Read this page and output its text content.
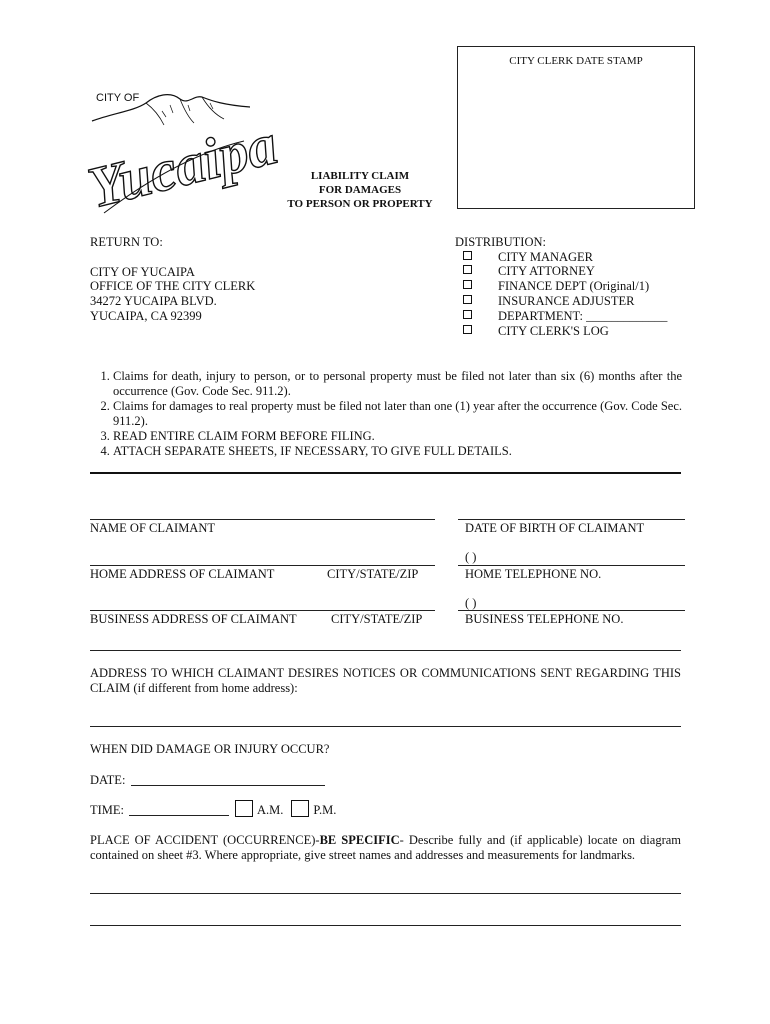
CITY CLERK DATE STAMP
CITY OF
Yucaipa	LIABILITY CLAIM
FOR DAMAGES
TO PERSON OR PROPERTY
RETURN TO:
CITY OF YUCAIPA
OFFICE OF THE CITY CLERK
34272 YUCAIPA BLVD.
YUCAIPA, CA 92399
DISTRIBUTION:
CITY MANAGER
CITY ATTORNEY
FINANCE DEPT (Original/1)
INSURANCE ADJUSTER
DEPARTMENT: _____________
CITY CLERK'S LOG
1. Claims for death, injury to person, or to personal property must be filed not later than six (6) months after the occurrence (Gov. Code Sec. 911.2).
2. Claims for damages to real property must be filed not later than one (1) year after the occurrence (Gov. Code Sec. 911.2).
3. READ ENTIRE CLAIM FORM BEFORE FILING.
4. ATTACH SEPARATE SHEETS, IF NECESSARY, TO GIVE FULL DETAILS.
NAME OF CLAIMANT	DATE OF BIRTH OF CLAIMANT
( )
HOME ADDRESS OF CLAIMANT	CITY/STATE/ZIP	HOME TELEPHONE NO.
( )
BUSINESS ADDRESS OF CLAIMANT	CITY/STATE/ZIP	BUSINESS TELEPHONE NO.
ADDRESS TO WHICH CLAIMANT DESIRES NOTICES OR COMMUNICATIONS SENT REGARDING THIS CLAIM (if different from home address):
WHEN DID DAMAGE OR INJURY OCCUR?
DATE:
TIME:	A.M. P.M.
PLACE OF ACCIDENT (OCCURRENCE)-BE SPECIFIC- Describe fully and (if applicable) locate on diagram contained on sheet #3. Where appropriate, give street names and addresses and measurements for landmarks.
